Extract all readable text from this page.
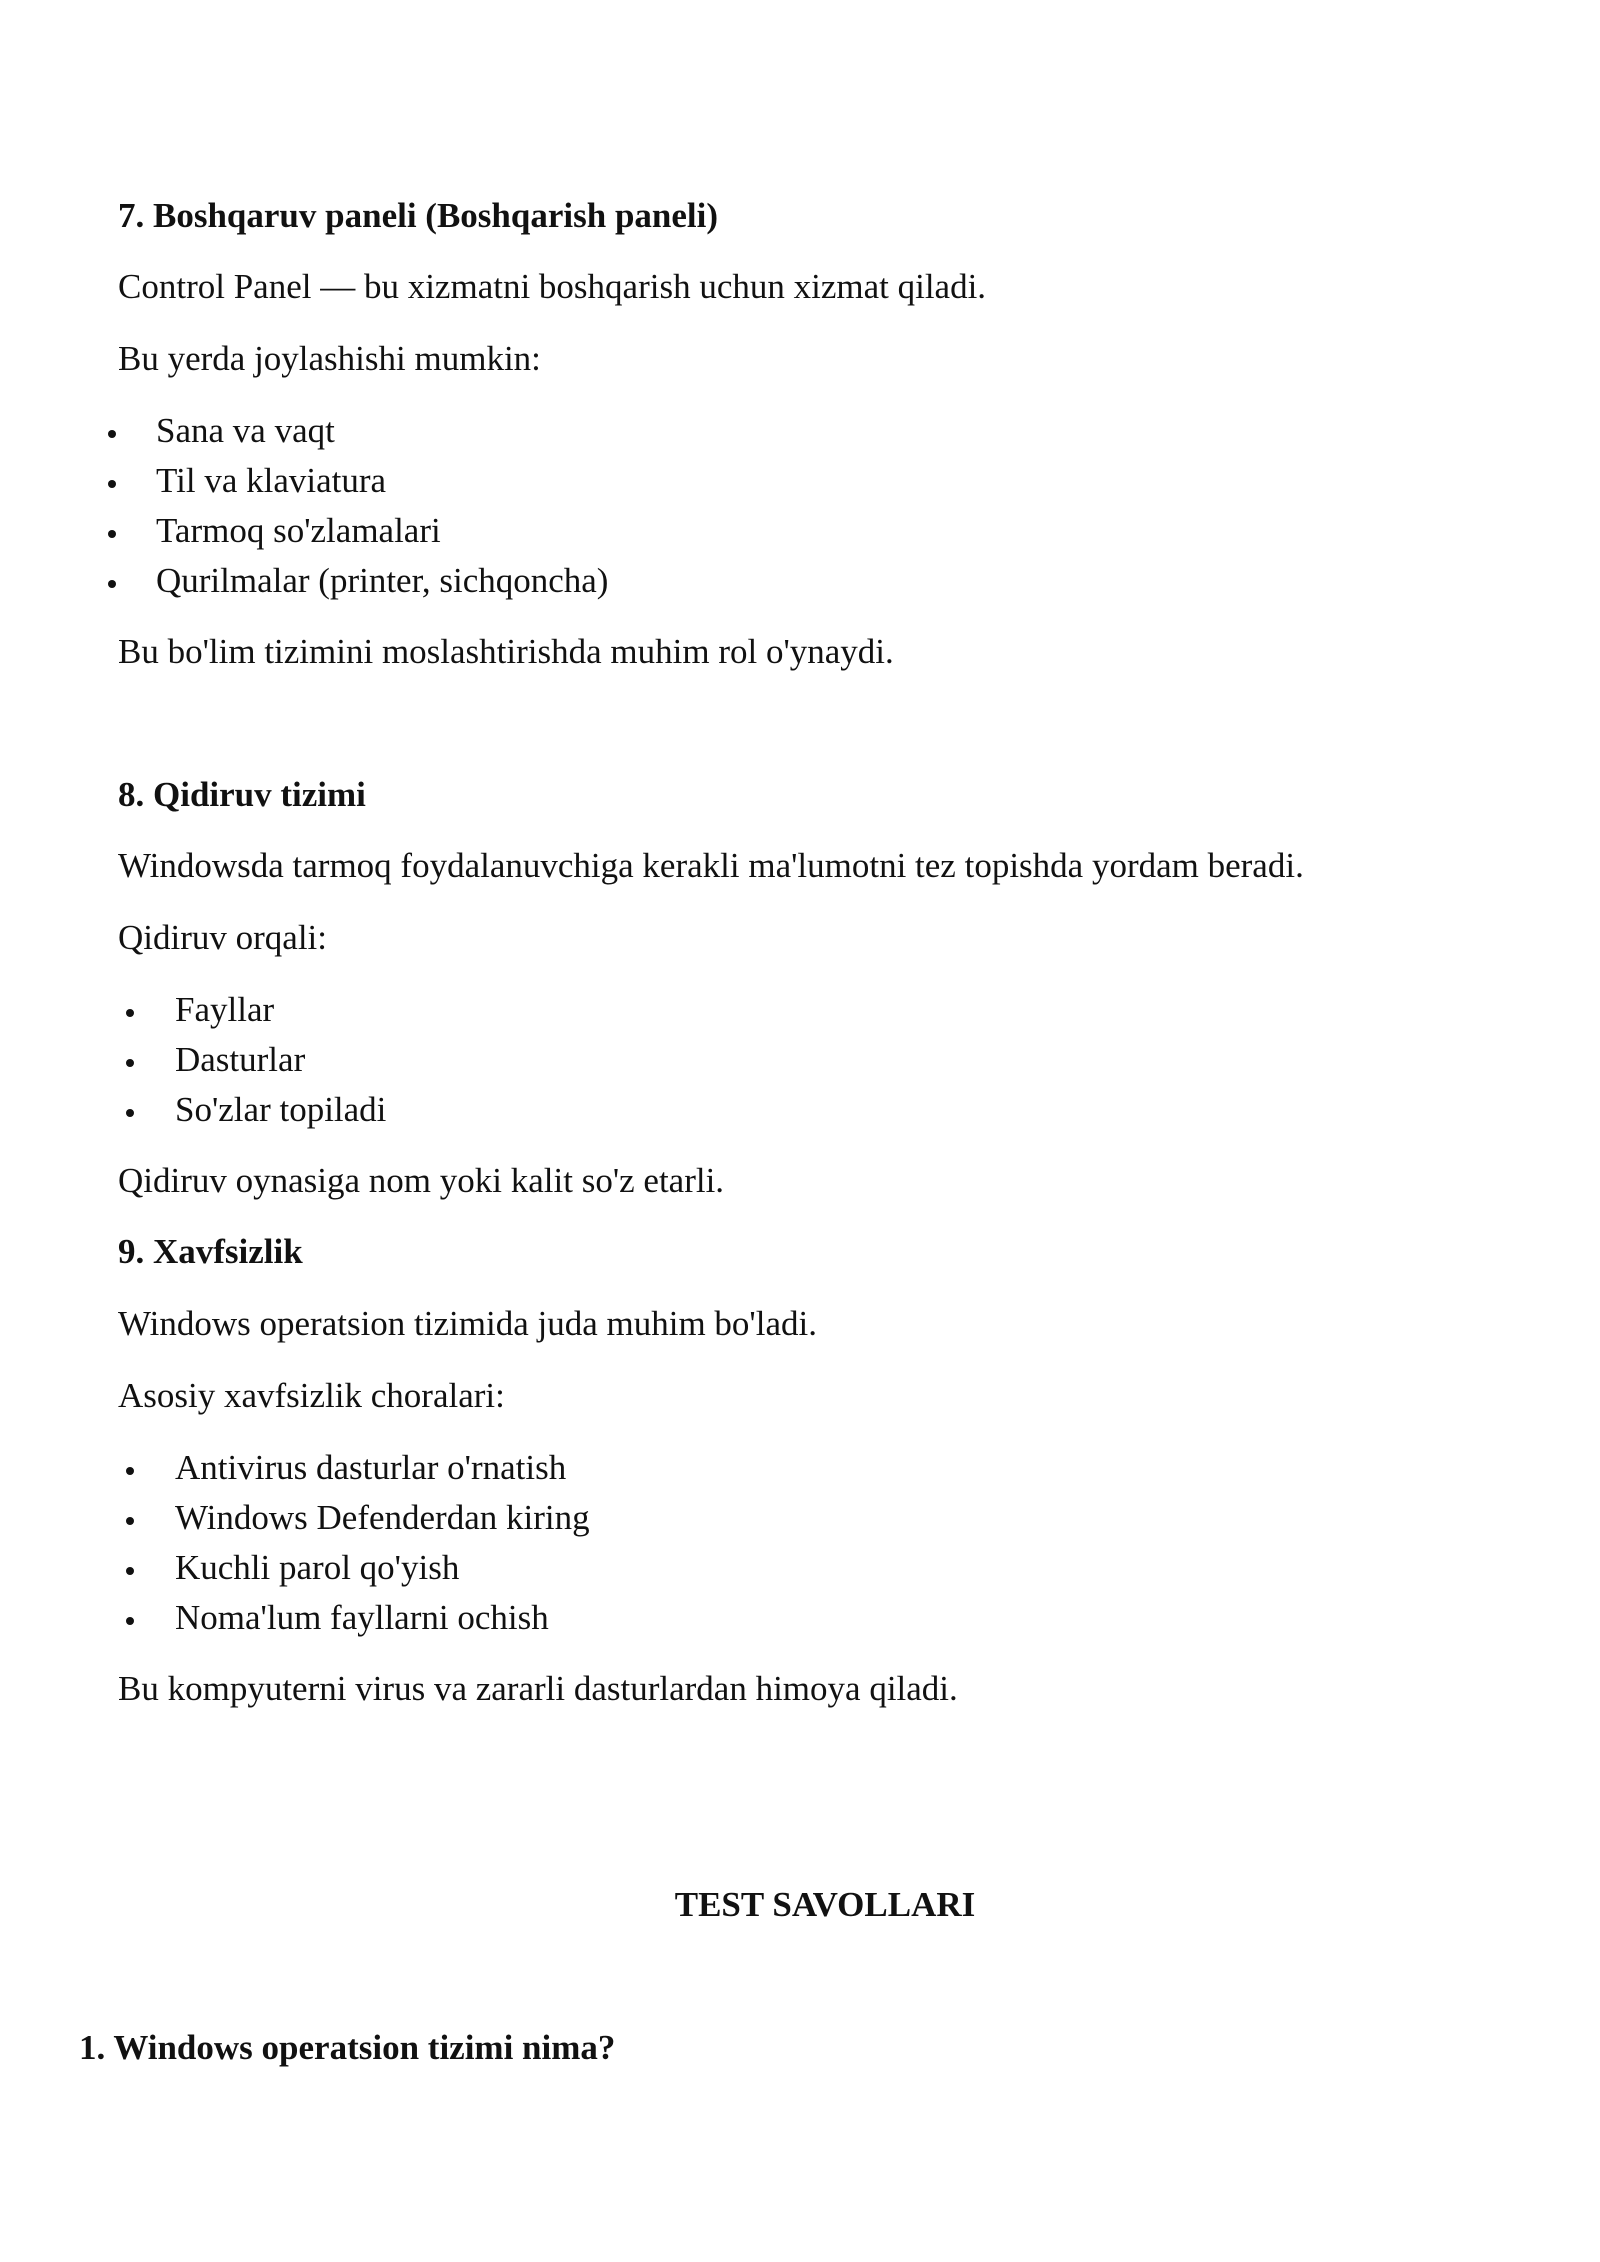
7. Boshqaruv paneli (Boshqarish paneli)
Control Panel — bu xizmatni boshqarish uchun xizmat qiladi.
Bu yerda joylashishi mumkin:
Sana va vaqt
Til va klaviatura
Tarmoq so'zlamalari
Qurilmalar (printer, sichqoncha)
Bu bo'lim tizimini moslashtirishda muhim rol o'ynaydi.
8. Qidiruv tizimi
Windowsda tarmoq foydalanuvchiga kerakli ma'lumotni tez topishda yordam beradi.
Qidiruv orqali:
Fayllar
Dasturlar
So'zlar topiladi
Qidiruv oynasiga nom yoki kalit so'z etarli.
9. Xavfsizlik
Windows operatsion tizimida juda muhim bo'ladi.
Asosiy xavfsizlik choralari:
Antivirus dasturlar o'rnatish
Windows Defenderdan kiring
Kuchli parol qo'yish
Noma'lum fayllarni ochish
Bu kompyuterni virus va zararli dasturlardan himoya qiladi.
TEST SAVOLLARI
1. Windows operatsion tizimi nima?
